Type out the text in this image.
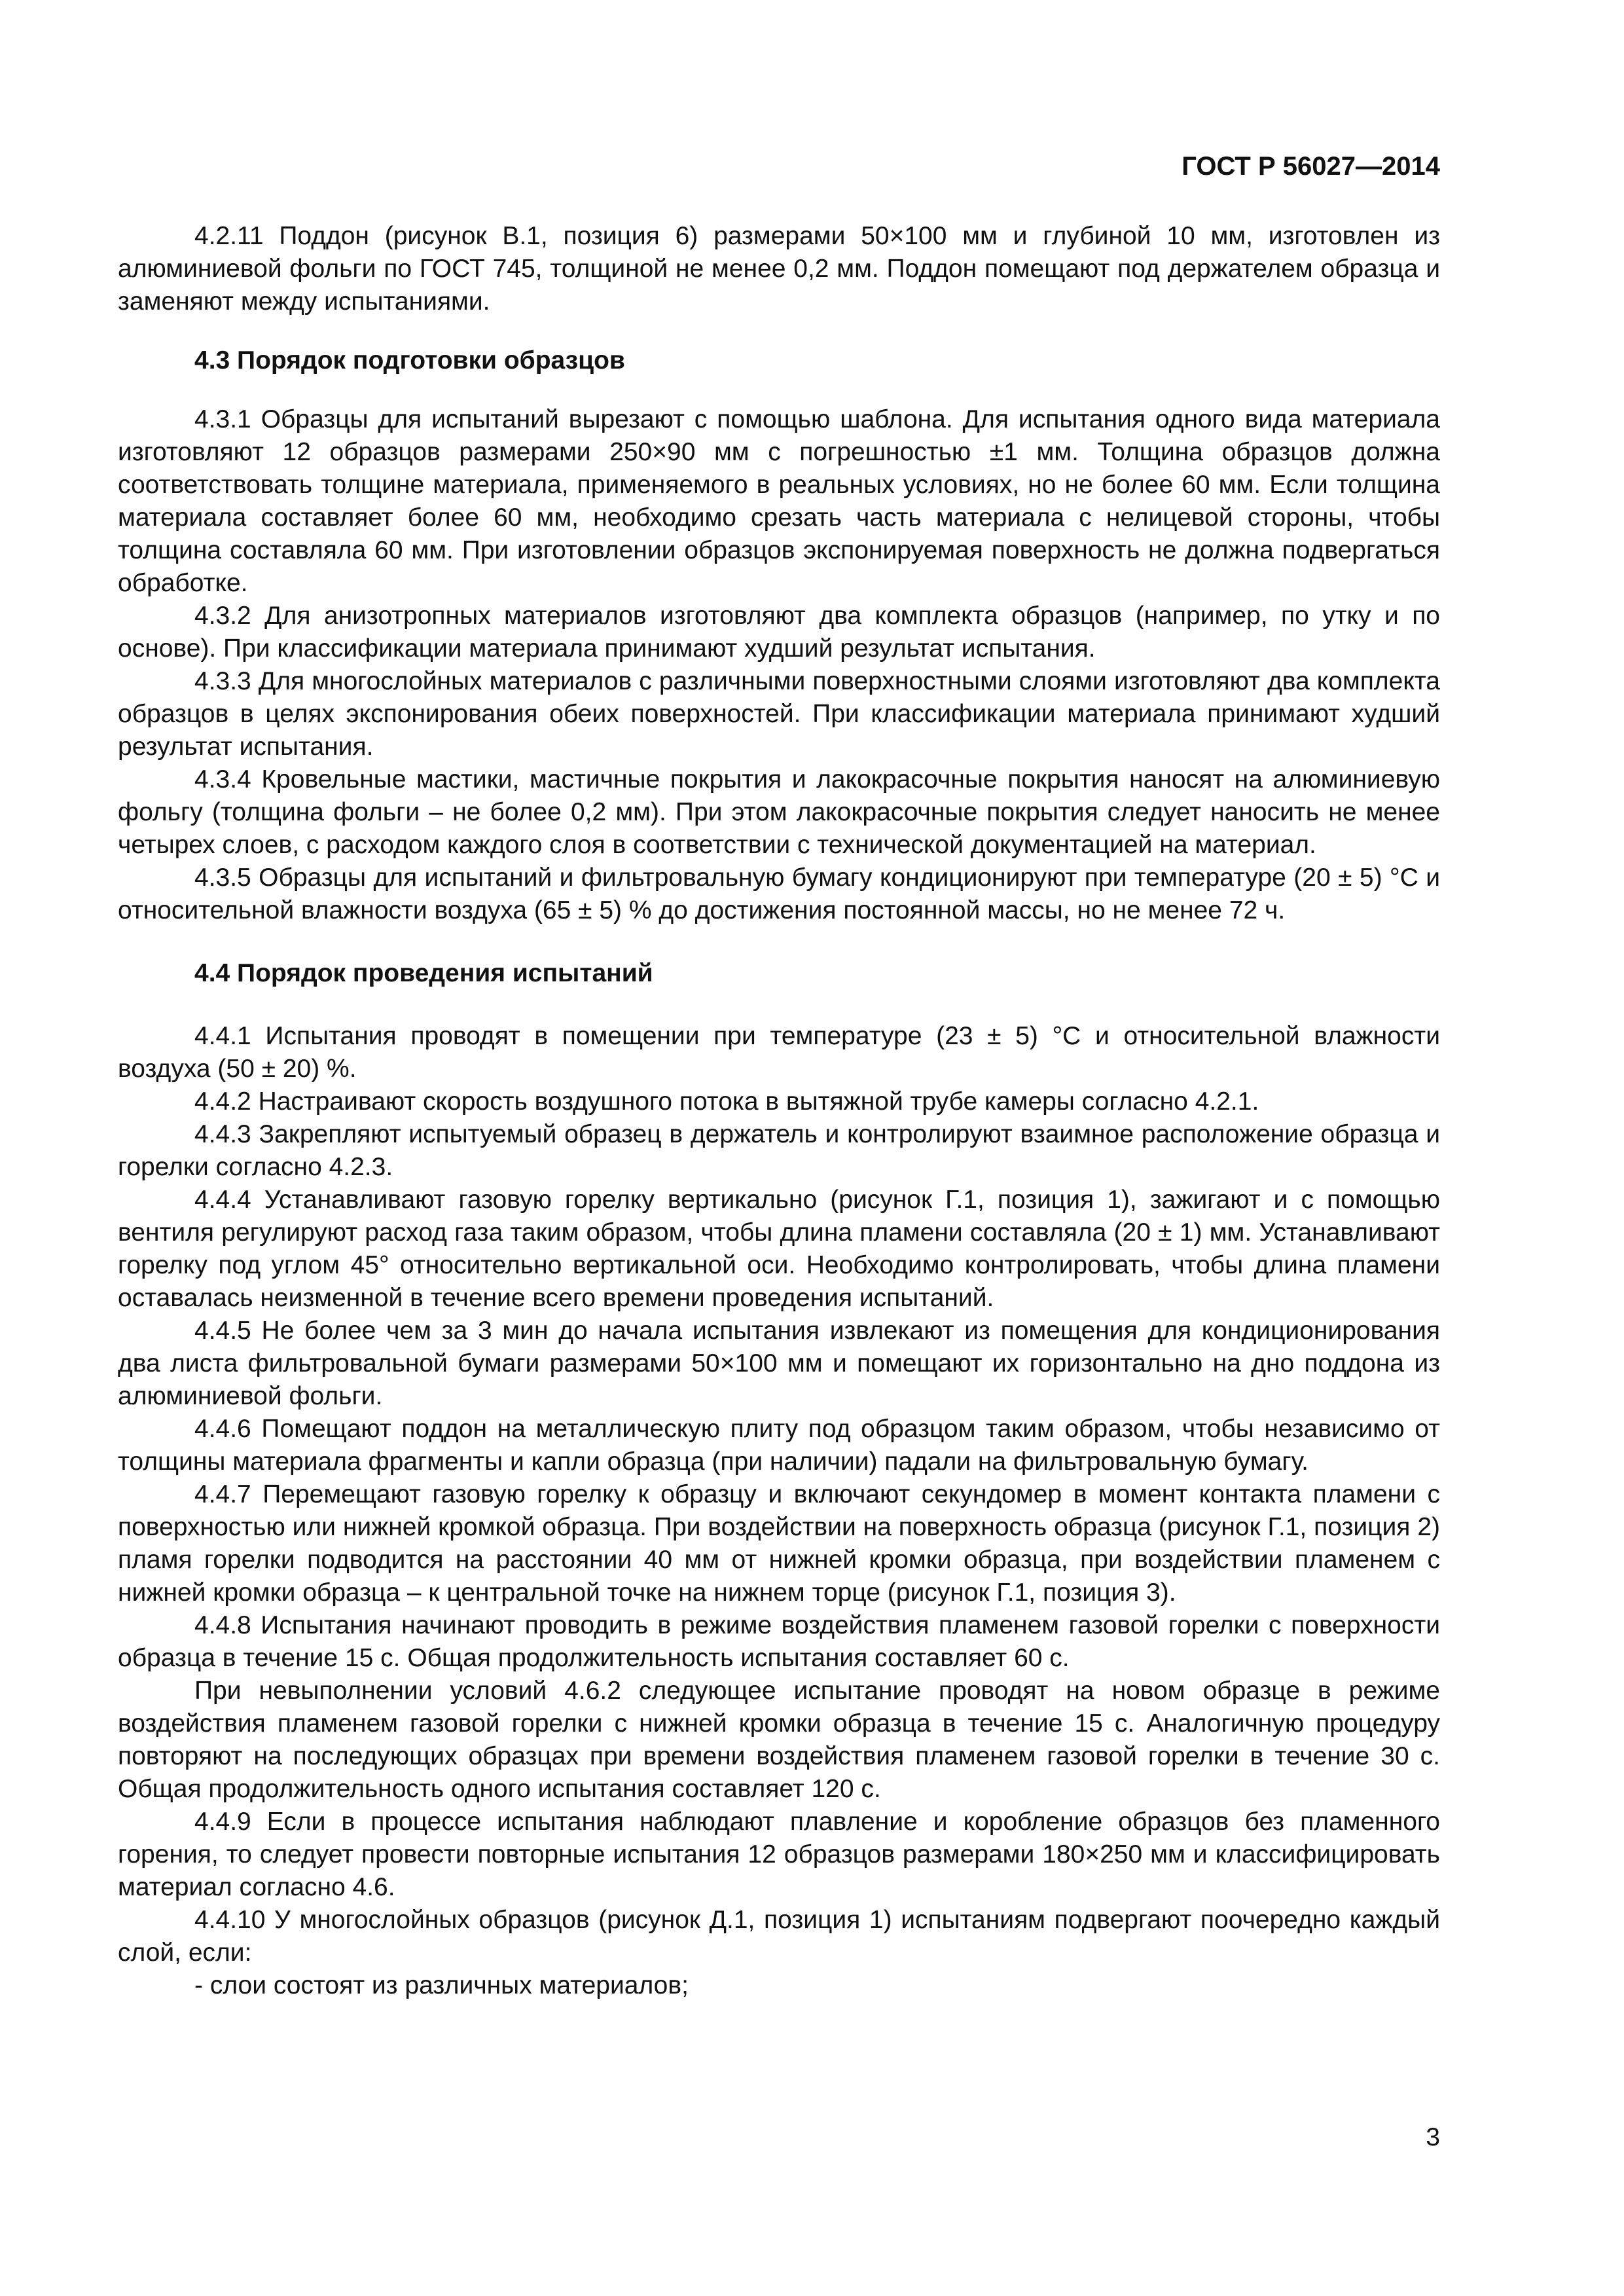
ГОСТ Р 56027—2014

4.2.11 Поддон (рисунок В.1, позиция 6) размерами 50×100 мм и глубиной 10 мм, изготовлен из алюминиевой фольги по ГОСТ 745, толщиной не менее 0,2 мм. Поддон помещают под держателем образца и заменяют между испытаниями.

4.3 Порядок подготовки образцов

4.3.1 Образцы для испытаний вырезают с помощью шаблона. Для испытания одного вида материала изготовляют 12 образцов размерами 250×90 мм с погрешностью ±1 мм. Толщина образцов должна соответствовать толщине материала, применяемого в реальных условиях, но не более 60 мм. Если толщина материала составляет более 60 мм, необходимо срезать часть материала с нелицевой стороны, чтобы толщина составляла 60 мм. При изготовлении образцов экспонируемая поверхность не должна подвергаться обработке.

4.3.2 Для анизотропных материалов изготовляют два комплекта образцов (например, по утку и по основе). При классификации материала принимают худший результат испытания.

4.3.3 Для многослойных материалов с различными поверхностными слоями изготовляют два комплекта образцов в целях экспонирования обеих поверхностей. При классификации материала принимают худший результат испытания.

4.3.4 Кровельные мастики, мастичные покрытия и лакокрасочные покрытия наносят на алюминиевую фольгу (толщина фольги – не более 0,2 мм). При этом лакокрасочные покрытия следует наносить не менее четырех слоев, с расходом каждого слоя в соответствии с технической документацией на материал.

4.3.5 Образцы для испытаний и фильтровальную бумагу кондиционируют при температуре (20 ± 5) °С и относительной влажности воздуха (65 ± 5) % до достижения постоянной массы, но не менее 72 ч.

4.4 Порядок проведения испытаний

4.4.1 Испытания проводят в помещении при температуре (23 ± 5) °С и относительной влажности воздуха (50 ± 20) %.

4.4.2 Настраивают скорость воздушного потока в вытяжной трубе камеры согласно 4.2.1.

4.4.3 Закрепляют испытуемый образец в держатель и контролируют взаимное расположение образца и горелки согласно 4.2.3.

4.4.4 Устанавливают газовую горелку вертикально (рисунок Г.1, позиция 1), зажигают и с помощью вентиля регулируют расход газа таким образом, чтобы длина пламени составляла (20 ± 1) мм. Устанавливают горелку под углом 45° относительно вертикальной оси. Необходимо контролировать, чтобы длина пламени оставалась неизменной в течение всего времени проведения испытаний.

4.4.5 Не более чем за 3 мин до начала испытания извлекают из помещения для кондиционирования два листа фильтровальной бумаги размерами 50×100 мм и помещают их горизонтально на дно поддона из алюминиевой фольги.

4.4.6 Помещают поддон на металлическую плиту под образцом таким образом, чтобы независимо от толщины материала фрагменты и капли образца (при наличии) падали на фильтровальную бумагу.

4.4.7 Перемещают газовую горелку к образцу и включают секундомер в момент контакта пламени с поверхностью или нижней кромкой образца. При воздействии на поверхность образца (рисунок Г.1, позиция 2) пламя горелки подводится на расстоянии 40 мм от нижней кромки образца, при воздействии пламенем с нижней кромки образца – к центральной точке на нижнем торце (рисунок Г.1, позиция 3).

4.4.8 Испытания начинают проводить в режиме воздействия пламенем газовой горелки с поверхности образца в течение 15 с. Общая продолжительность испытания составляет 60 с.

При невыполнении условий 4.6.2 следующее испытание проводят на новом образце в режиме воздействия пламенем газовой горелки с нижней кромки образца в течение 15 с. Аналогичную процедуру повторяют на последующих образцах при времени воздействия пламенем газовой горелки в течение 30 с. Общая продолжительность одного испытания составляет 120 с.

4.4.9 Если в процессе испытания наблюдают плавление и коробление образцов без пламенного горения, то следует провести повторные испытания 12 образцов размерами 180×250 мм и классифицировать материал согласно 4.6.

4.4.10 У многослойных образцов (рисунок Д.1, позиция 1) испытаниям подвергают поочередно каждый слой, если:

- слои состоят из различных материалов;

3
